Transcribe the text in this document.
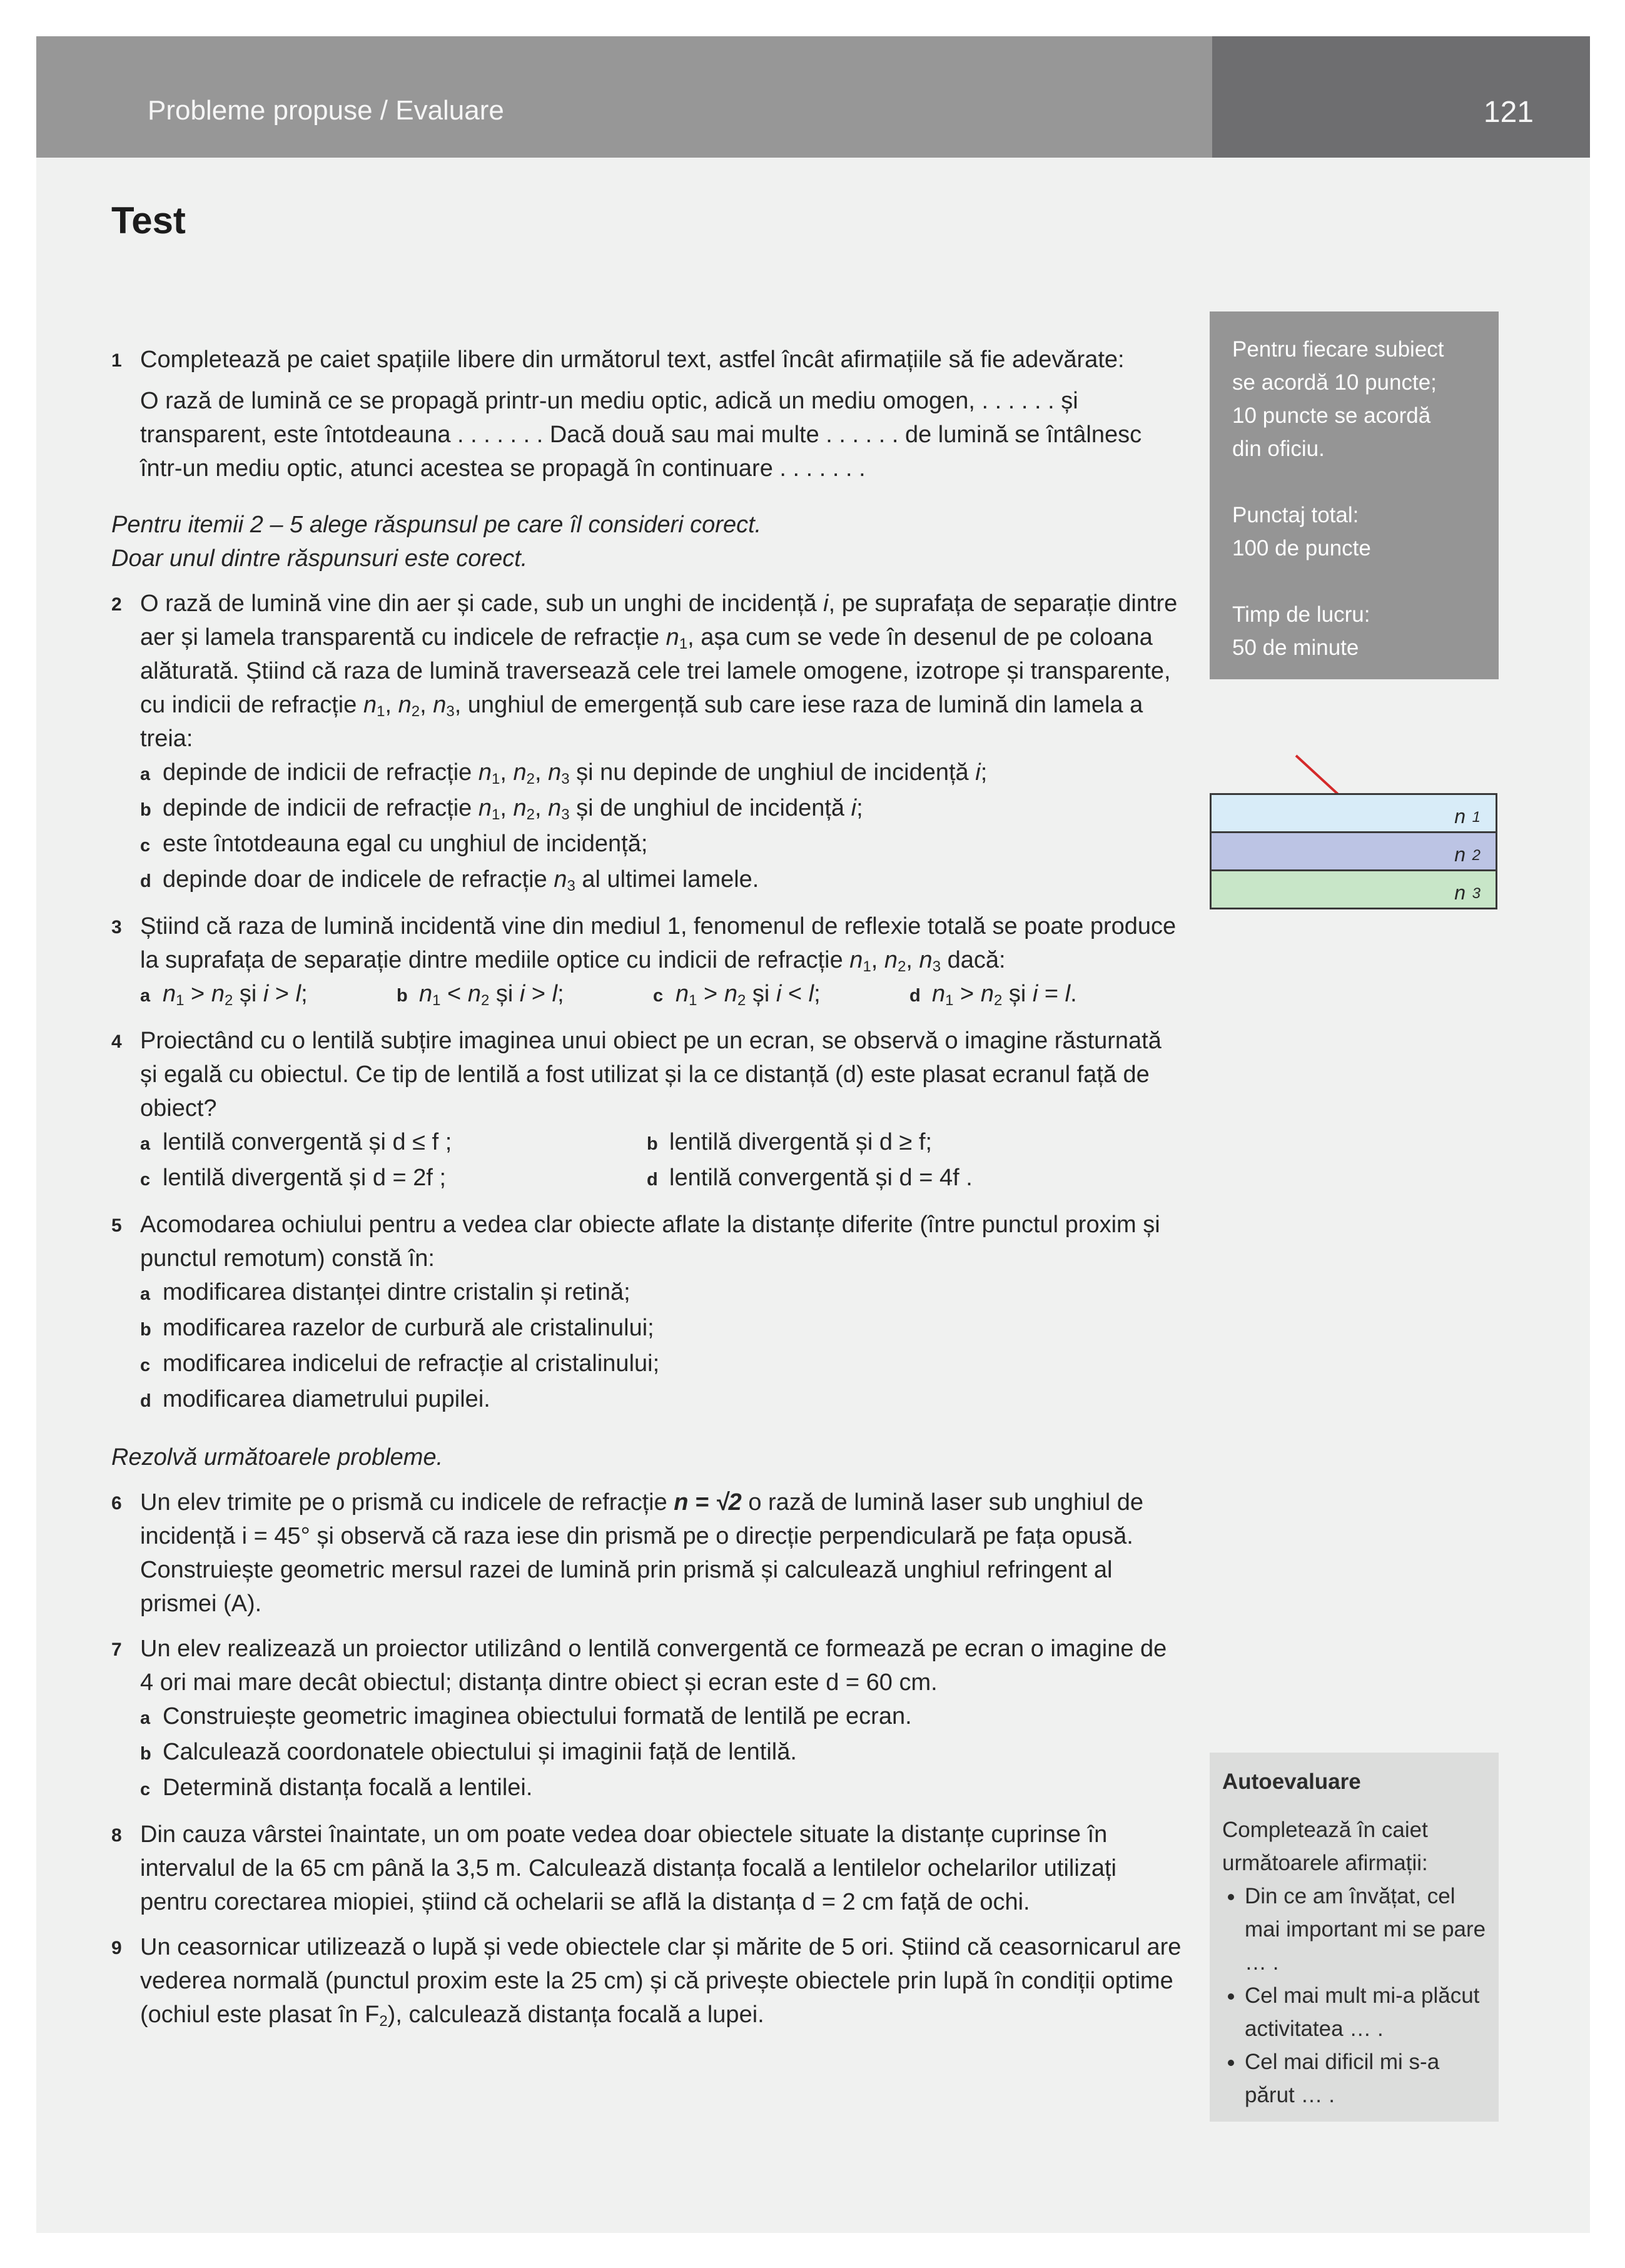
Probleme propuse / Evaluare	121
Test
1 Completează pe caiet spațiile libere din următorul text, astfel încât afirmațiile să fie adevărate:
O rază de lumină ce se propagă printr-un mediu optic, adică un mediu omogen, . . . . . . și transparent, este întotdeauna . . . . . . . Dacă două sau mai multe . . . . . . de lumină se întâlnesc într-un mediu optic, atunci acestea se propagă în continuare . . . . . . .
Pentru itemii 2 – 5 alege răspunsul pe care îl consideri corect.
Doar unul dintre răspunsuri este corect.
2 O rază de lumină vine din aer și cade, sub un unghi de incidență i, pe suprafața de separație dintre aer și lamela transparentă cu indicele de refracție $n_1$, așa cum se vede în desenul de pe coloana alăturată. Știind că raza de lumină traversează cele trei lamele omogene, izotrope și transparente, cu indicii de refracție $n_1$, $n_2$, $n_3$, unghiul de emergență sub care iese raza de lumină din lamela a treia:
a depinde de indicii de refracție $n_1$, $n_2$, $n_3$ și nu depinde de unghiul de incidență i;
b depinde de indicii de refracție $n_1$, $n_2$, $n_3$ și de unghiul de incidență i;
c este întotdeauna egal cu unghiul de incidență;
d depinde doar de indicele de refracție $n_3$ al ultimei lamele.
3 Știind că raza de lumină incidentă vine din mediul 1, fenomenul de reflexie totală se poate produce la suprafața de separație dintre mediile optice cu indicii de refracție $n_1$, $n_2$, $n_3$ dacă:
a $n_1 > n_2$ și i > l;	b $n_1 < n_2$ și i > l;	c $n_1 > n_2$ și i < l;	d $n_1 > n_2$ și i = l.
4 Proiectând cu o lentilă subțire imaginea unui obiect pe un ecran, se observă o imagine răsturnată și egală cu obiectul. Ce tip de lentilă a fost utilizat și la ce distanță (d) este plasat ecranul față de obiect?
a lentilă convergentă și d ≤ f ;	b lentilă divergentă și d ≥ f;
c lentilă divergentă și d = 2f ;	d lentilă convergentă și d = 4f .
5 Acomodarea ochiului pentru a vedea clar obiecte aflate la distanțe diferite (între punctul proxim și punctul remotum) constă în:
a modificarea distanței dintre cristalin și retină;
b modificarea razelor de curbură ale cristalinului;
c modificarea indicelui de refracție al cristalinului;
d modificarea diametrului pupilei.
Rezolvă următoarele probleme.
6 Un elev trimite pe o prismă cu indicele de refracție n = √2 o rază de lumină laser sub unghiul de incidență i = 45° și observă că raza iese din prismă pe o direcție perpendiculară pe fața opusă. Construiește geometric mersul razei de lumină prin prismă și calculează unghiul refringent al prismei (A).
7 Un elev realizează un proiector utilizând o lentilă convergentă ce formează pe ecran o imagine de 4 ori mai mare decât obiectul; distanța dintre obiect și ecran este d = 60 cm.
a Construiește geometric imaginea obiectului formată de lentilă pe ecran.
b Calculează coordonatele obiectului și imaginii față de lentilă.
c Determină distanța focală a lentilei.
8 Din cauza vârstei înaintate, un om poate vedea doar obiectele situate la distanțe cuprinse în intervalul de la 65 cm până la 3,5 m. Calculează distanța focală a lentilelor ochelarilor utilizați pentru corectarea miopiei, știind că ochelarii se află la distanța d = 2 cm față de ochi.
9 Un ceasornicar utilizează o lupă și vede obiectele clar și mărite de 5 ori. Știind că ceasornicarul are vederea normală (punctul proxim este la 25 cm) și că privește obiectele prin lupă în condiții optime (ochiul este plasat în $F_2$), calculează distanța focală a lupei.
Pentru fiecare subiect
se acordă 10 puncte;
10 puncte se acordă
din oficiu.
Punctaj total:
100 de puncte
Timp de lucru:
50 de minute
n $_1$
n $_2$
n $_3$
Autoevaluare
Completează în caiet următoarele afirmații:
• Din ce am învățat, cel mai important mi se pare … .
• Cel mai mult mi-a plăcut activitatea … .
• Cel mai dificil mi s-a părut … .
